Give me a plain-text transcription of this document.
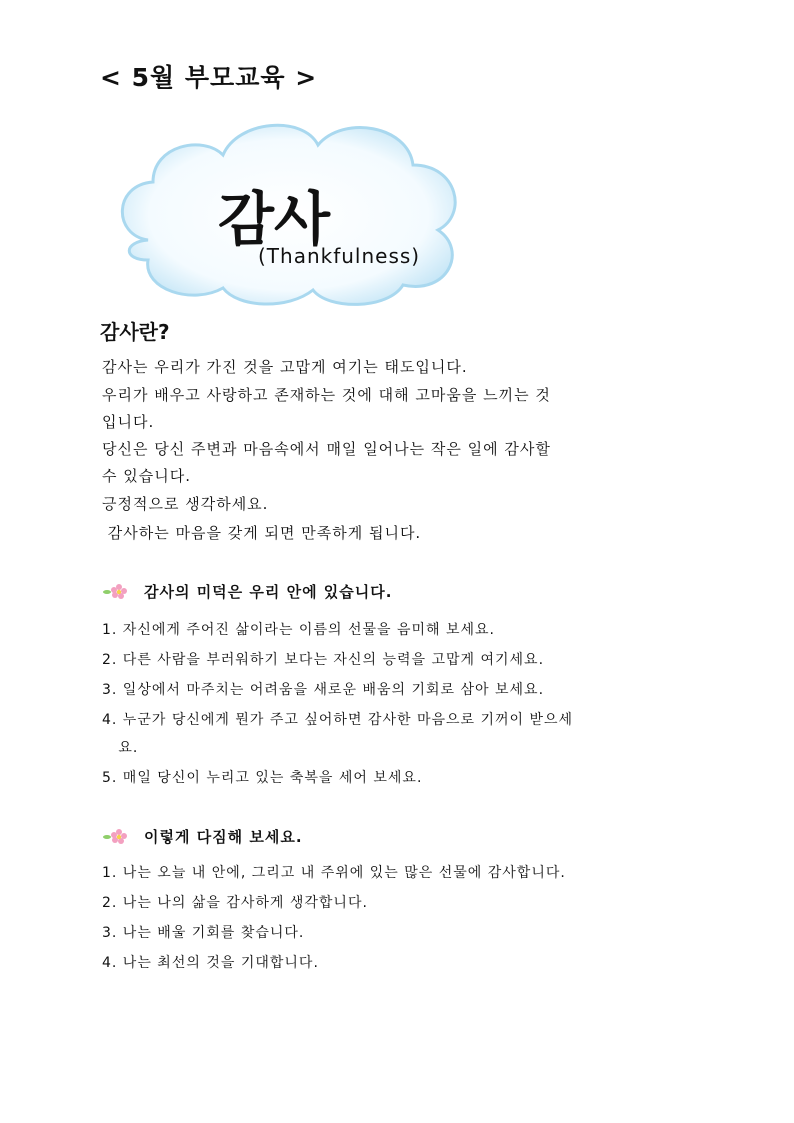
< 5월 부모교육 >
감사
(Thankfulness)
감사란?
감사는 우리가 가진 것을 고맙게 여기는 태도입니다.
우리가 배우고 사랑하고 존재하는 것에 대해 고마움을 느끼는 것
입니다.
당신은 당신 주변과 마음속에서 매일 일어나는 작은 일에 감사할
수 있습니다.
긍정적으로 생각하세요.
감사하는 마음을 갖게 되면 만족하게 됩니다.
감사의 미덕은 우리 안에 있습니다.
1. 자신에게 주어진 삶이라는 이름의 선물을 음미해 보세요.
2. 다른 사람을 부러워하기 보다는 자신의 능력을 고맙게 여기세요.
3. 일상에서 마주치는 어려움을 새로운 배움의 기회로 삼아 보세요.
4. 누군가 당신에게 뭔가 주고 싶어하면 감사한 마음으로 기꺼이 받으세
요.
5. 매일 당신이 누리고 있는 축복을 세어 보세요.
이렇게 다짐해 보세요.
1. 나는 오늘 내 안에, 그리고 내 주위에 있는 많은 선물에 감사합니다.
2. 나는 나의 삶을 감사하게 생각합니다.
3. 나는 배울 기회를 찾습니다.
4. 나는 최선의 것을 기대합니다.
